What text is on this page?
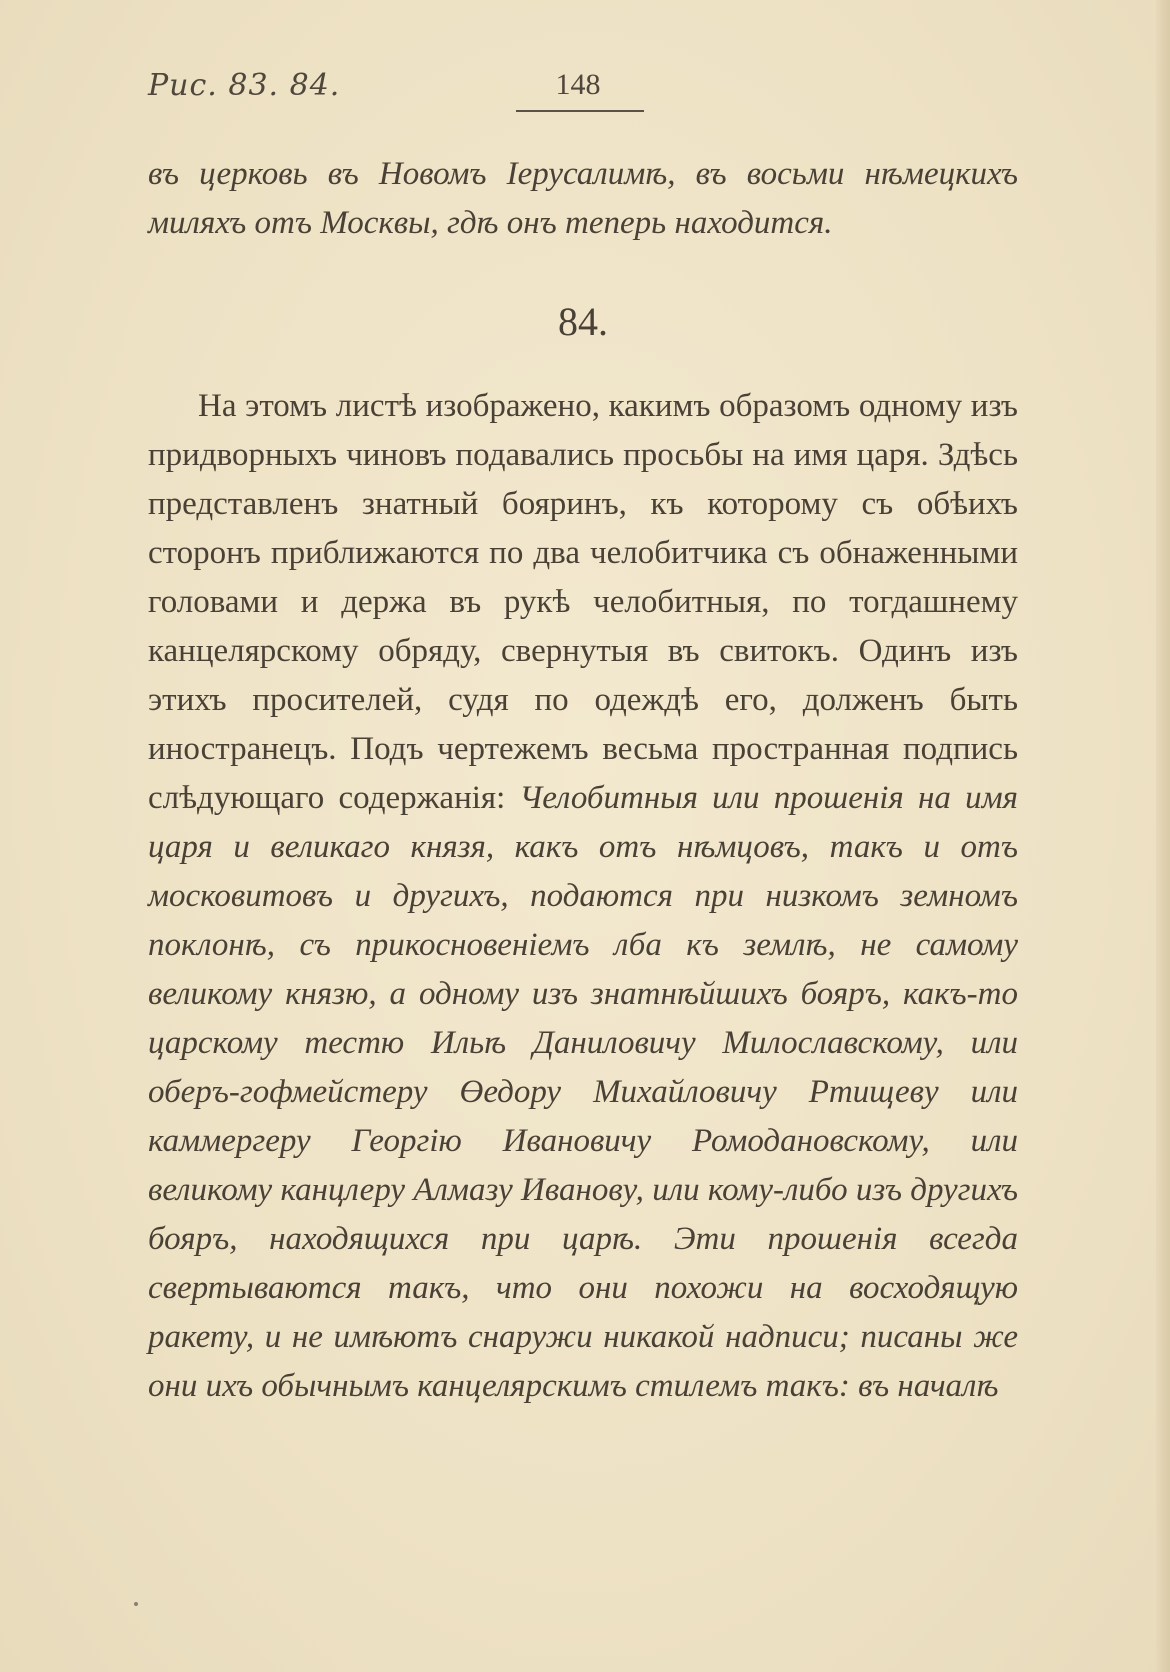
Рис. 83. 84.	148

въ церковь въ Новомъ Іерусалимѣ, въ восьми нѣмецкихъ миляхъ отъ Москвы, гдѣ онъ теперь находится.

84.

На этомъ листѣ изображено, какимъ образомъ одному изъ придворныхъ чиновъ подавались просьбы на имя царя. Здѣсь представленъ знатный бояринъ, къ которому съ обѣихъ сторонъ приближаются по два челобитчика съ обнаженными головами и держа въ рукѣ челобитныя, по тогдашнему канцелярскому обряду, свернутыя въ свитокъ. Одинъ изъ этихъ просителей, судя по одеждѣ его, долженъ быть иностранецъ. Подъ чертежемъ весьма пространная подпись слѣдующаго содержанія: Челобитныя или прошенія на имя царя и великаго князя, какъ отъ нѣмцовъ, такъ и отъ московитовъ и другихъ, подаются при низкомъ земномъ поклонѣ, съ прикосновеніемъ лба къ землѣ, не самому великому князю, а одному изъ знатнѣйшихъ бояръ, какъ-то царскому тестю Ильѣ Даниловичу Милославскому, или оберъ-гофмейстеру Өедору Михайловичу Ртищеву или каммергеру Георгію Ивановичу Ромодановскому, или великому канцлеру Алмазу Иванову, или кому-либо изъ другихъ бояръ, находящихся при царѣ. Эти прошенія всегда свертываются такъ, что они похожи на восходящую ракету, и не имѣютъ снаружи никакой надписи; писаны же они ихъ обычнымъ канцелярскимъ стилемъ такъ: въ началѣ
